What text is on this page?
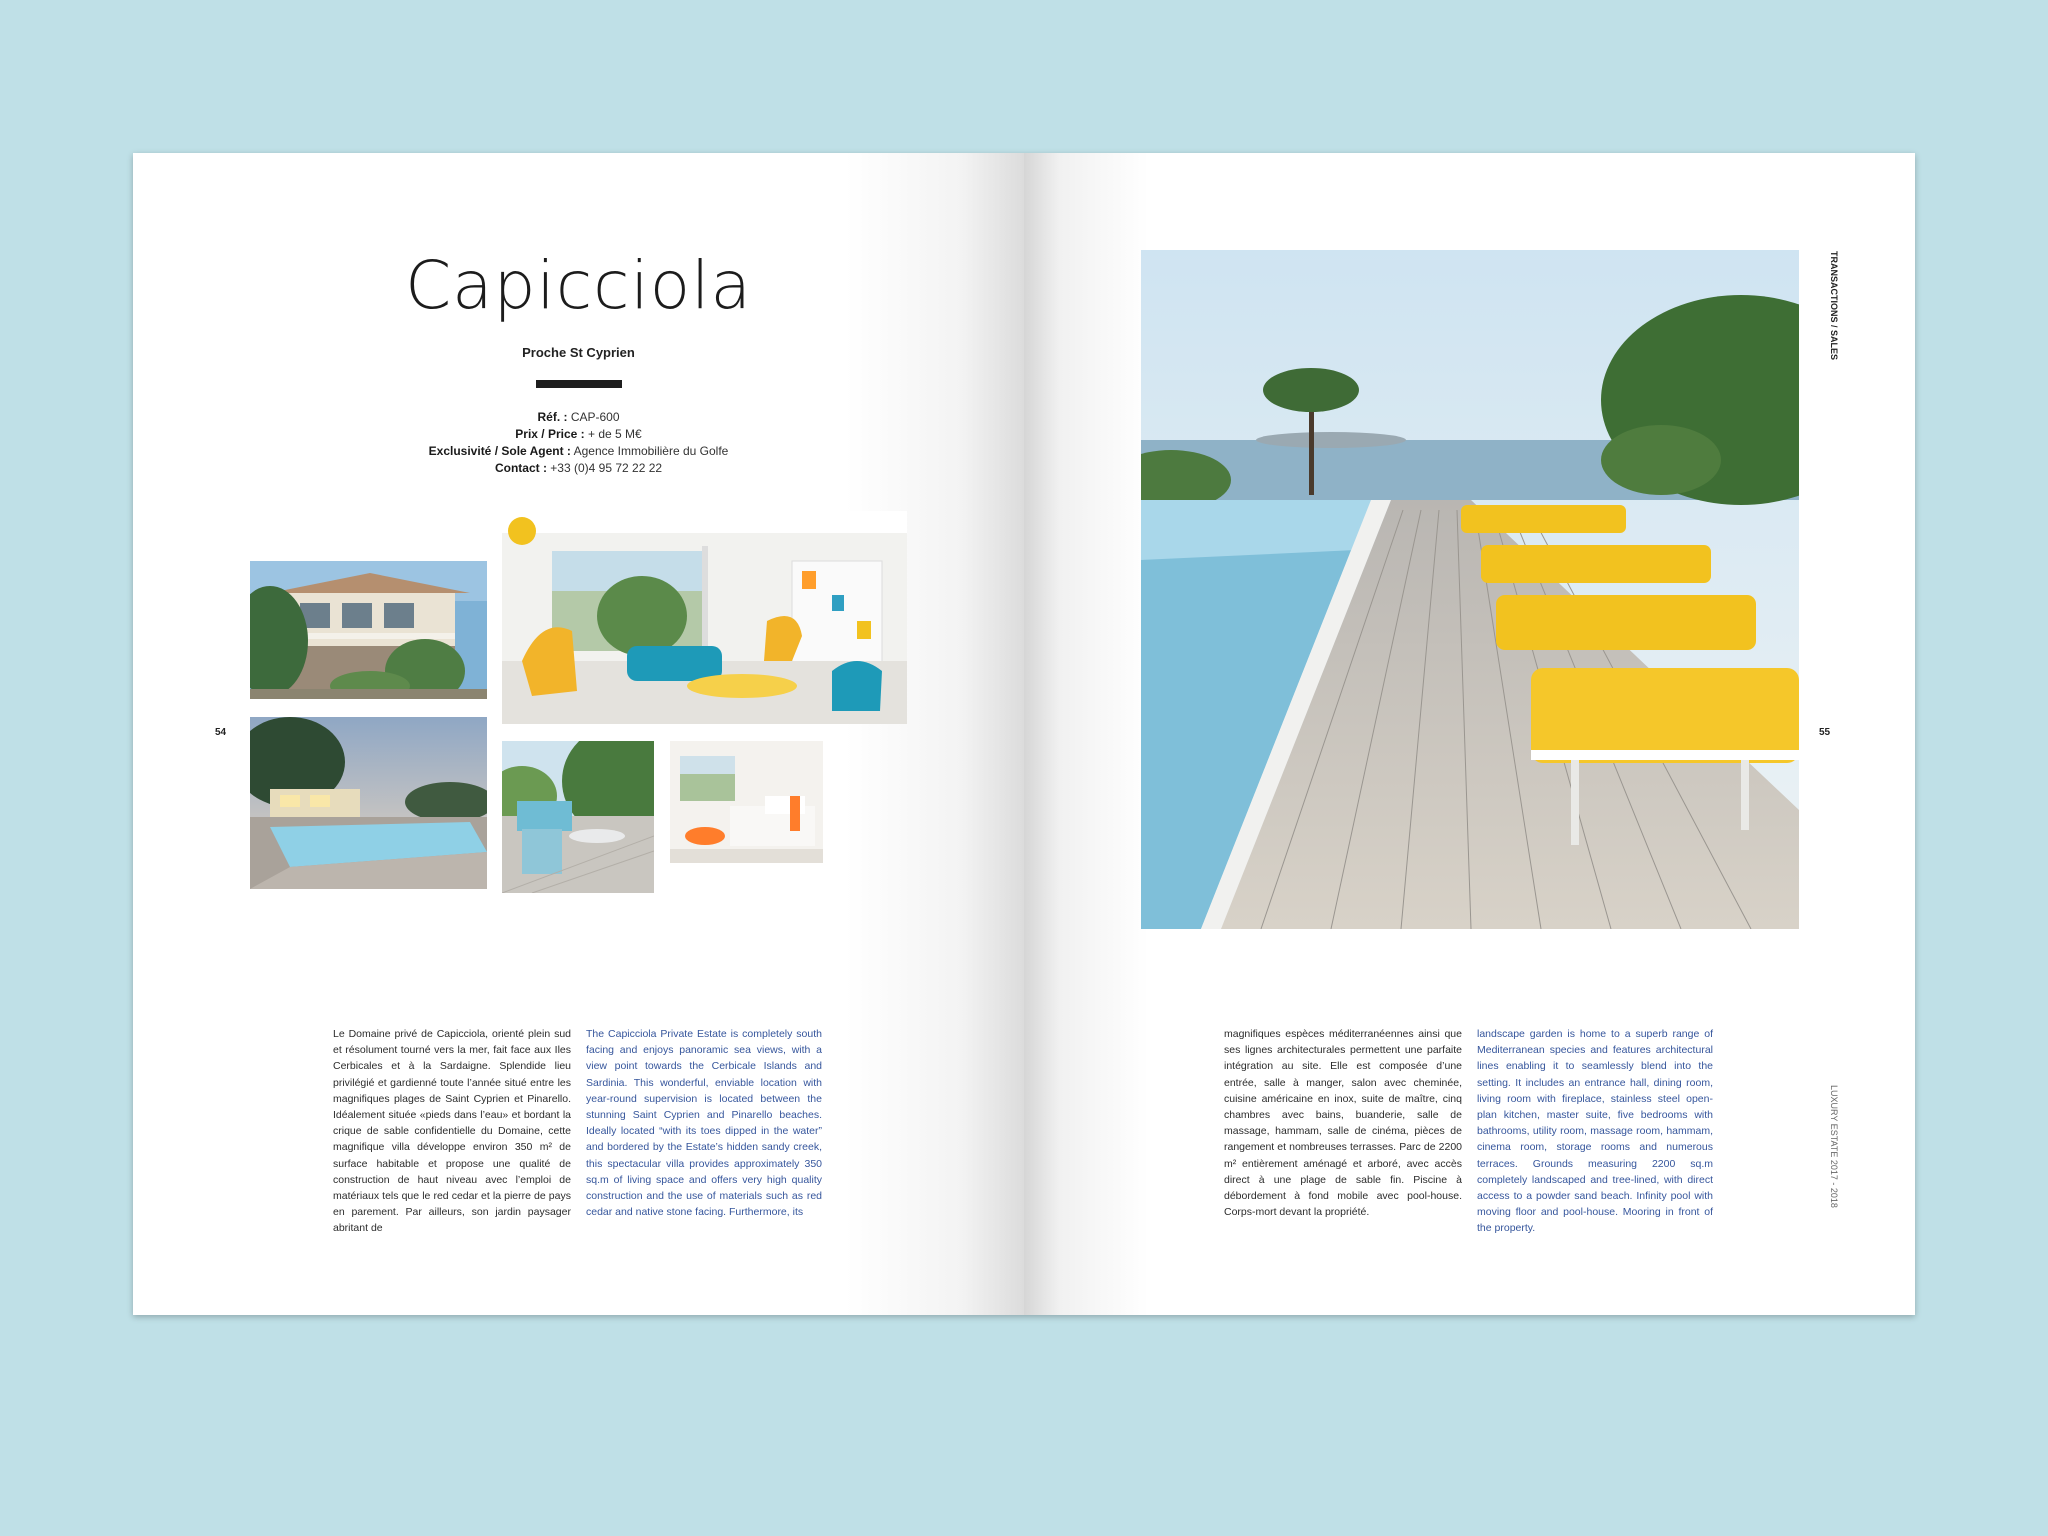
Capicciola
Proche St Cyprien
Réf. : CAP-600
Prix / Price : + de 5 M€
Exclusivité / Sole Agent : Agence Immobilière du Golfe
Contact : +33 (0)4 95 72 22 22
54
Le Domaine privé de Capicciola, orienté plein sud et résolument tourné vers la mer, fait face aux Iles Cerbicales et à la Sardaigne. Splendide lieu privilégié et gardienné toute l’année situé entre les magnifiques plages de Saint Cyprien et Pinarello. Idéalement située «pieds dans l’eau» et bordant la crique de sable confidentielle du Domaine, cette magnifique villa développe environ 350 m² de surface habitable et propose une qualité de construction de haut niveau avec l’emploi de matériaux tels que le red cedar et la pierre de pays en parement. Par ailleurs, son jardin paysager abritant de
The Capicciola Private Estate is completely south facing and enjoys panoramic sea views, with a view point towards the Cerbicale Islands and Sardinia. This wonderful, enviable location with year-round supervision is located between the stunning Saint Cyprien and Pinarello beaches. Ideally located “with its toes dipped in the water” and bordered by the Estate’s hidden sandy creek, this spectacular villa provides approximately 350 sq.m of living space and offers very high quality construction and the use of materials such as red cedar and native stone facing. Furthermore, its
55
TRANSACTIONS / SALES
LUXURY ESTATE 2017 - 2018
magnifiques espèces méditerranéennes ainsi que ses lignes architecturales permettent une parfaite intégration au site. Elle est composée d’une entrée, salle à manger, salon avec cheminée, cuisine américaine en inox, suite de maître, cinq chambres avec bains, buanderie, salle de massage, hammam, salle de cinéma, pièces de rangement et nombreuses terrasses. Parc de 2200 m² entièrement aménagé et arboré, avec accès direct à une plage de sable fin. Piscine à débordement à fond mobile avec pool-house. Corps-mort devant la propriété.
landscape garden is home to a superb range of Mediterranean species and features architectural lines enabling it to seamlessly blend into the setting. It includes an entrance hall, dining room, living room with fireplace, stainless steel open-plan kitchen, master suite, five bedrooms with bathrooms, utility room, massage room, hammam, cinema room, storage rooms and numerous terraces. Grounds measuring 2200 sq.m completely landscaped and tree-lined, with direct access to a powder sand beach. Infinity pool with moving floor and pool-house. Mooring in front of the property.
